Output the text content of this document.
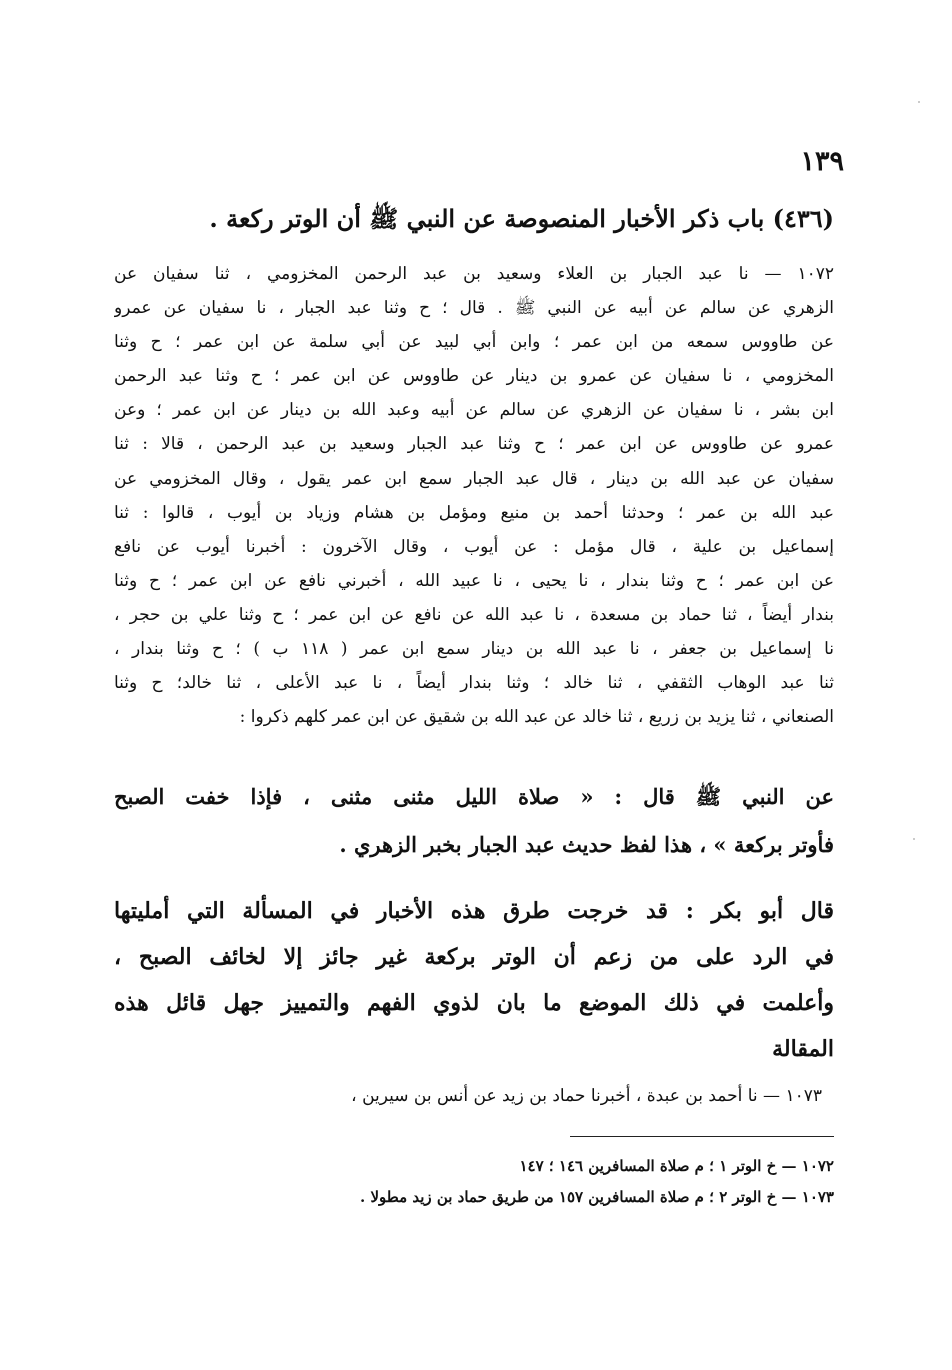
١٣٩
(٤٣٦) باب ذكر الأخبار المنصوصة عن النبي ﷺ أن الوتر ركعة .
١٠٧٢ — نا عبد الجبار بن العلاء وسعيد بن عبد الرحمن المخزومي ، ثنا سفيان عن
الزهري عن سالم عن أبيه عن النبي ﷺ . قال ؛ ح وثنا عبد الجبار ، نا سفيان عن عمرو
عن طاووس سمعه من ابن عمر ؛ وابن أبي لبيد عن أبي سلمة عن ابن عمر ؛ ح وثنا
المخزومي ، نا سفيان عن عمرو بن دينار عن طاووس عن ابن عمر ؛ ح وثنا عبد الرحمن
ابن بشر ، نا سفيان عن الزهري عن سالم عن أبيه وعبد الله بن دينار عن ابن عمر ؛ وعن
عمرو عن طاووس عن ابن عمر ؛ ح وثنا عبد الجبار وسعيد بن عبد الرحمن ، قالا : ثنا
سفيان عن عبد الله بن دينار ، قال عبد الجبار سمع ابن عمر يقول ، وقال المخزومي عن
عبد الله بن عمر ؛ وحدثنا أحمد بن منيع ومؤمل بن هشام وزياد بن أيوب ، قالوا : ثنا
إسماعيل بن علية ، قال مؤمل : عن أيوب ، وقال الآخرون : أخبرنا أيوب عن نافع
عن ابن عمر ؛ ح وثنا بندار ، نا يحيى ، نا عبيد الله ، أخبرني نافع عن ابن عمر ؛ ح وثنا
بندار أيضاً ، ثنا حماد بن مسعدة ، نا عبد الله عن نافع عن ابن عمر ؛ ح وثنا علي بن حجر ،
نا إسماعيل بن جعفر ، نا عبد الله بن دينار سمع ابن عمر ( ١١٨ ب ) ؛ ح وثنا بندار ،
ثنا عبد الوهاب الثقفي ، ثنا خالد ؛ وثنا بندار أيضاً ، نا عبد الأعلى ، ثنا خالد؛ ح وثنا
الصنعاني ، ثنا يزيد بن زريع ، ثنا خالد عن عبد الله بن شقيق عن ابن عمر كلهم ذكروا :
عن النبي ﷺ قال : « صلاة الليل مثنى مثنى ، فإذا خفت الصبح
فأوتر بركعة » ، هذا لفظ حديث عبد الجبار بخبر الزهري .
قال أبو بكر : قد خرجت طرق هذه الأخبار في المسألة التي أمليتها
في الرد على من زعم أن الوتر بركعة غير جائز إلا لخائف الصبح ،
وأعلمت في ذلك الموضع ما بان لذوي الفهم والتمييز جهل قائل هذه
المقالة
١٠٧٣ — نا أحمد بن عبدة ، أخبرنا حماد بن زيد عن أنس بن سيرين ،
١٠٧٢ — خ الوتر ١ ؛ م صلاة المسافرين ١٤٦ ؛ ١٤٧
١٠٧٣ — خ الوتر ٢ ؛ م صلاة المسافرين ١٥٧ من طريق حماد بن زيد مطولا .
